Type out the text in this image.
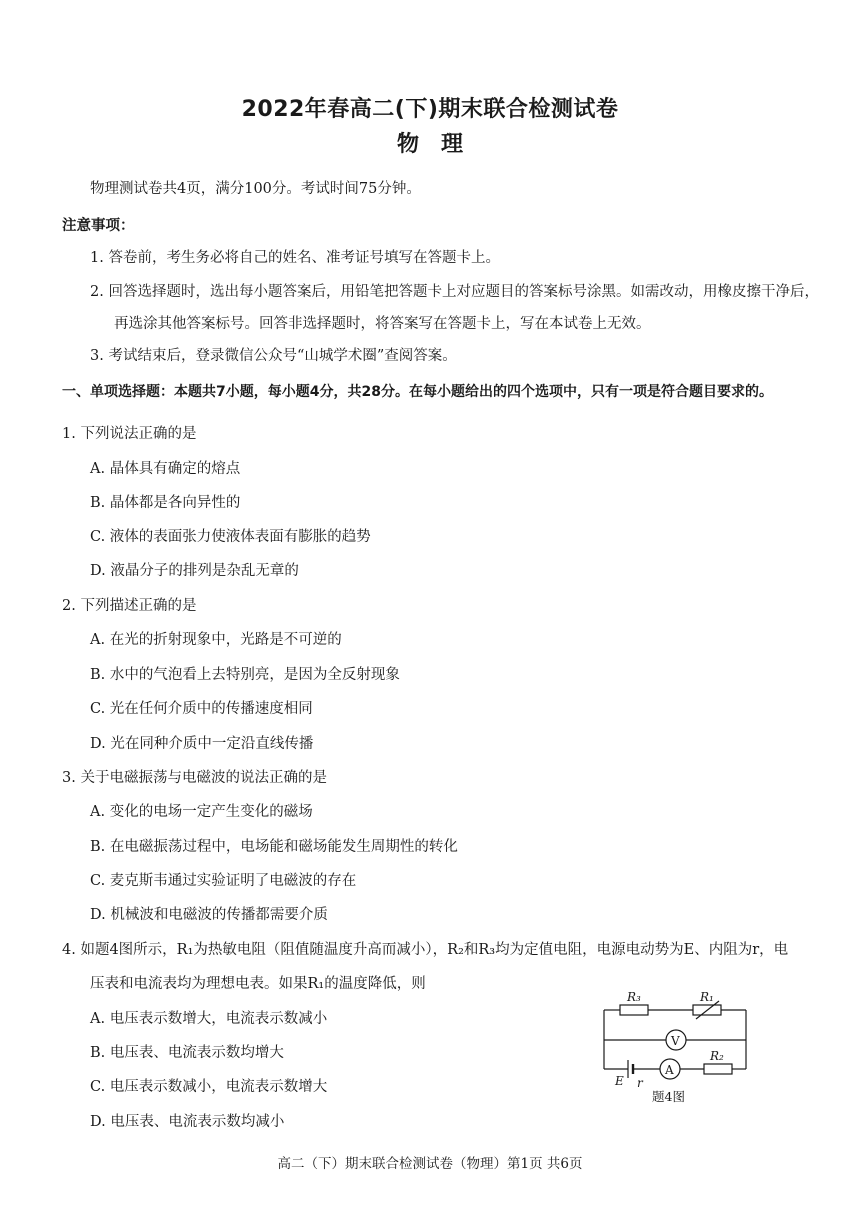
2022年春高二(下)期末联合检测试卷
物理
物理测试卷共4页，满分100分。考试时间75分钟。
注意事项：
1. 答卷前，考生务必将自己的姓名、准考证号填写在答题卡上。
2. 回答选择题时，选出每小题答案后，用铅笔把答题卡上对应题目的答案标号涂黑。如需改动，用橡皮擦干净后，
再选涂其他答案标号。回答非选择题时，将答案写在答题卡上，写在本试卷上无效。
3. 考试结束后，登录微信公众号“山城学术圈”查阅答案。
一、单项选择题：本题共7小题，每小题4分，共28分。在每小题给出的四个选项中，只有一项是符合题目要求的。
1. 下列说法正确的是
A. 晶体具有确定的熔点
B. 晶体都是各向异性的
C. 液体的表面张力使液体表面有膨胀的趋势
D. 液晶分子的排列是杂乱无章的
2. 下列描述正确的是
A. 在光的折射现象中，光路是不可逆的
B. 水中的气泡看上去特别亮，是因为全反射现象
C. 光在任何介质中的传播速度相同
D. 光在同种介质中一定沿直线传播
3. 关于电磁振荡与电磁波的说法正确的是
A. 变化的电场一定产生变化的磁场
B. 在电磁振荡过程中，电场能和磁场能发生周期性的转化
C. 麦克斯韦通过实验证明了电磁波的存在
D. 机械波和电磁波的传播都需要介质
4. 如题4图所示，R₁为热敏电阻（阻值随温度升高而减小），R₂和R₃均为定值电阻，电源电动势为E、内阻为r，电
压表和电流表均为理想电表。如果R₁的温度降低，则
A. 电压表示数增大，电流表示数减小
B. 电压表、电流表示数均增大
C. 电压表示数减小，电流表示数增大
D. 电压表、电流表示数均减小
R₃	R₁
V
A
R₂
E r
题4图
高二（下）期末联合检测试卷（物理）第1页 共6页
